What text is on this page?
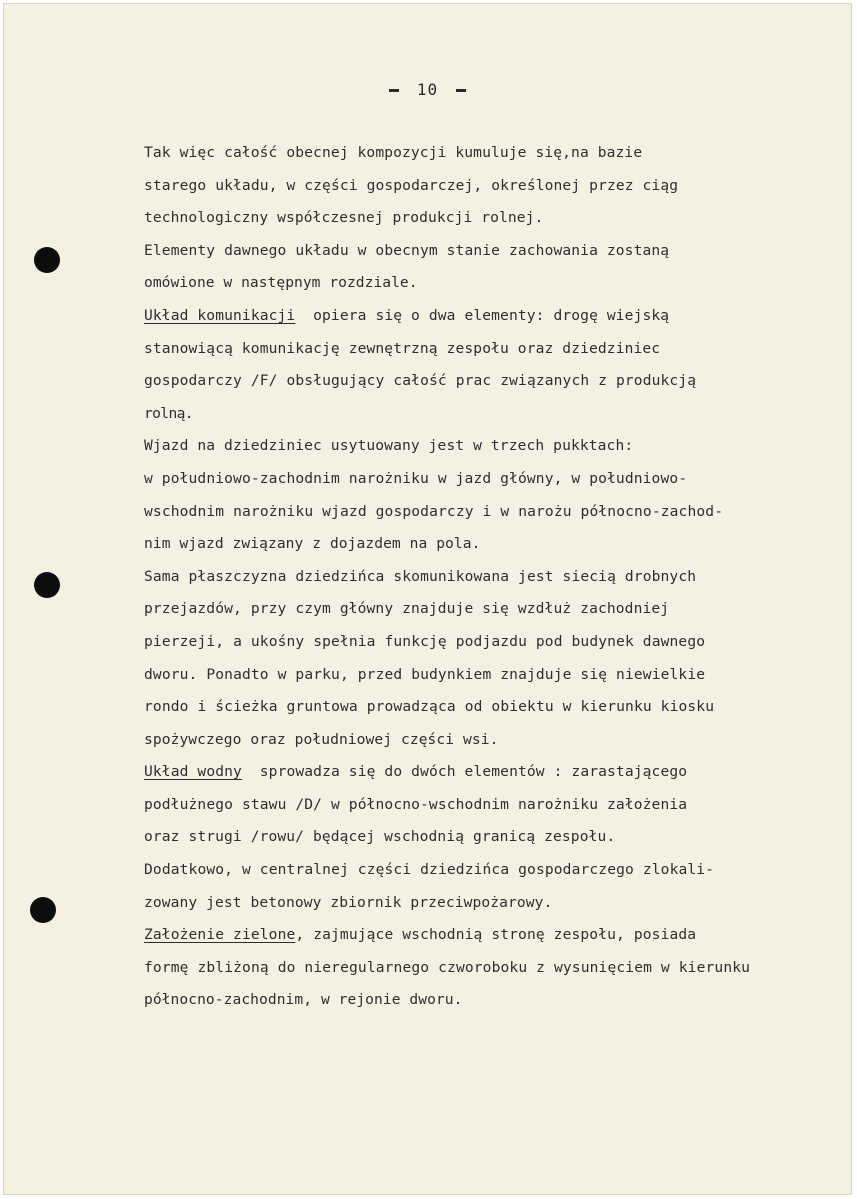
10
Tak więc całość obecnej kompozycji kumuluje się,na bazie
starego układu, w części gospodarczej, określonej przez ciąg
technologiczny współczesnej produkcji rolnej.
Elementy dawnego układu w obecnym stanie zachowania zostaną
omówione w następnym rozdziale.
Układ komunikacji  opiera się o dwa elementy: drogę wiejską
stanowiącą komunikację zewnętrzną zespołu oraz dziedziniec
gospodarczy /F/ obsługujący całość prac związanych z produkcją
rolną.
Wjazd na dziedziniec usytuowany jest w trzech pukktach:
w południowo-zachodnim narożniku w jazd główny, w południowo-
wschodnim narożniku wjazd gospodarczy i w narożu północno-zachod-
nim wjazd związany z dojazdem na pola.
Sama płaszczyzna dziedzińca skomunikowana jest siecią drobnych
przejazdów, przy czym główny znajduje się wzdłuż zachodniej
pierzeji, a ukośny spełnia funkcję podjazdu pod budynek dawnego
dworu. Ponadto w parku, przed budynkiem znajduje się niewielkie
rondo i ścieżka gruntowa prowadząca od obiektu w kierunku kiosku
spożywczego oraz południowej części wsi.
Układ wodny  sprowadza się do dwóch elementów : zarastającego
podłużnego stawu /D/ w północno-wschodnim narożniku założenia
oraz strugi /rowu/ będącej wschodnią granicą zespołu.
Dodatkowo, w centralnej części dziedzińca gospodarczego zlokali-
zowany jest betonowy zbiornik przeciwpożarowy.
Założenie zielone, zajmujące wschodnią stronę zespołu, posiada
formę zbliżoną do nieregularnego czworoboku z wysunięciem w kierunku
północno-zachodnim, w rejonie dworu.
